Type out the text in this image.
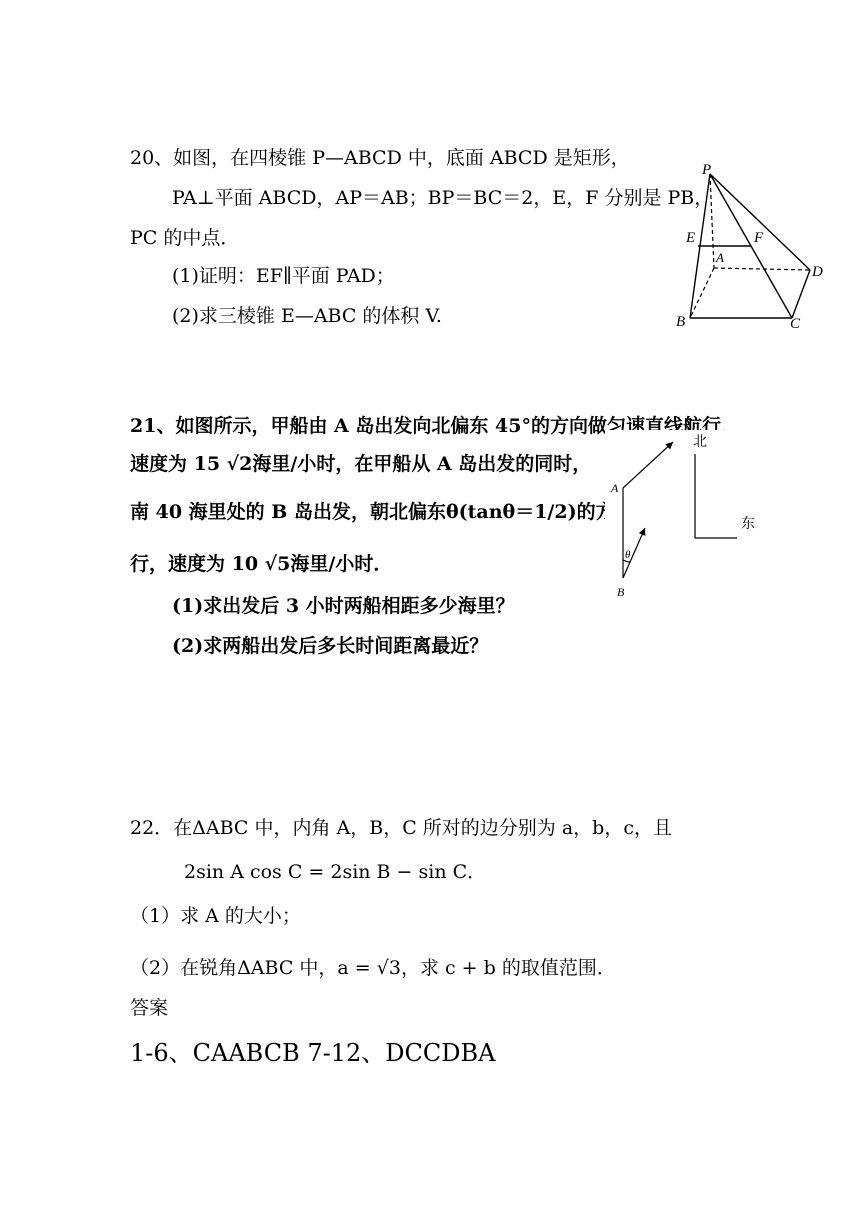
20、如图，在四棱锥 P—ABCD 中，底面 ABCD 是矩形，
PA⊥平面 ABCD，AP＝AB；BP＝BC＝2，E，F 分别是 PB，
PC 的中点．
(1)证明：EF∥平面 PAD；
(2)求三棱锥 E—ABC 的体积 V.
P
E	F
A
D
B	C
21、如图所示，甲船由 A 岛出发向北偏东 45°的方向做匀速直线航行，
速度为 15 √2海里/小时，在甲船从 A 岛出发的同时，
南 40 海里处的 B 岛出发，朝北偏东θ(tanθ＝1/2)的方向
行，速度为 10 √5海里/小时．
(1)求出发后 3 小时两船相距多少海里？
(2)求两船出发后多长时间距离最近？
A
B
θ
北
东
22．在ΔABC 中，内角 A，B，C 所对的边分别为 a，b，c，且
2sin A cos C = 2sin B − sin C．
（1）求 A 的大小；
（2）在锐角ΔABC 中，a = √3，求 c + b 的取值范围．
答案
1-6、CAABCB 7-12、DCCDBA
